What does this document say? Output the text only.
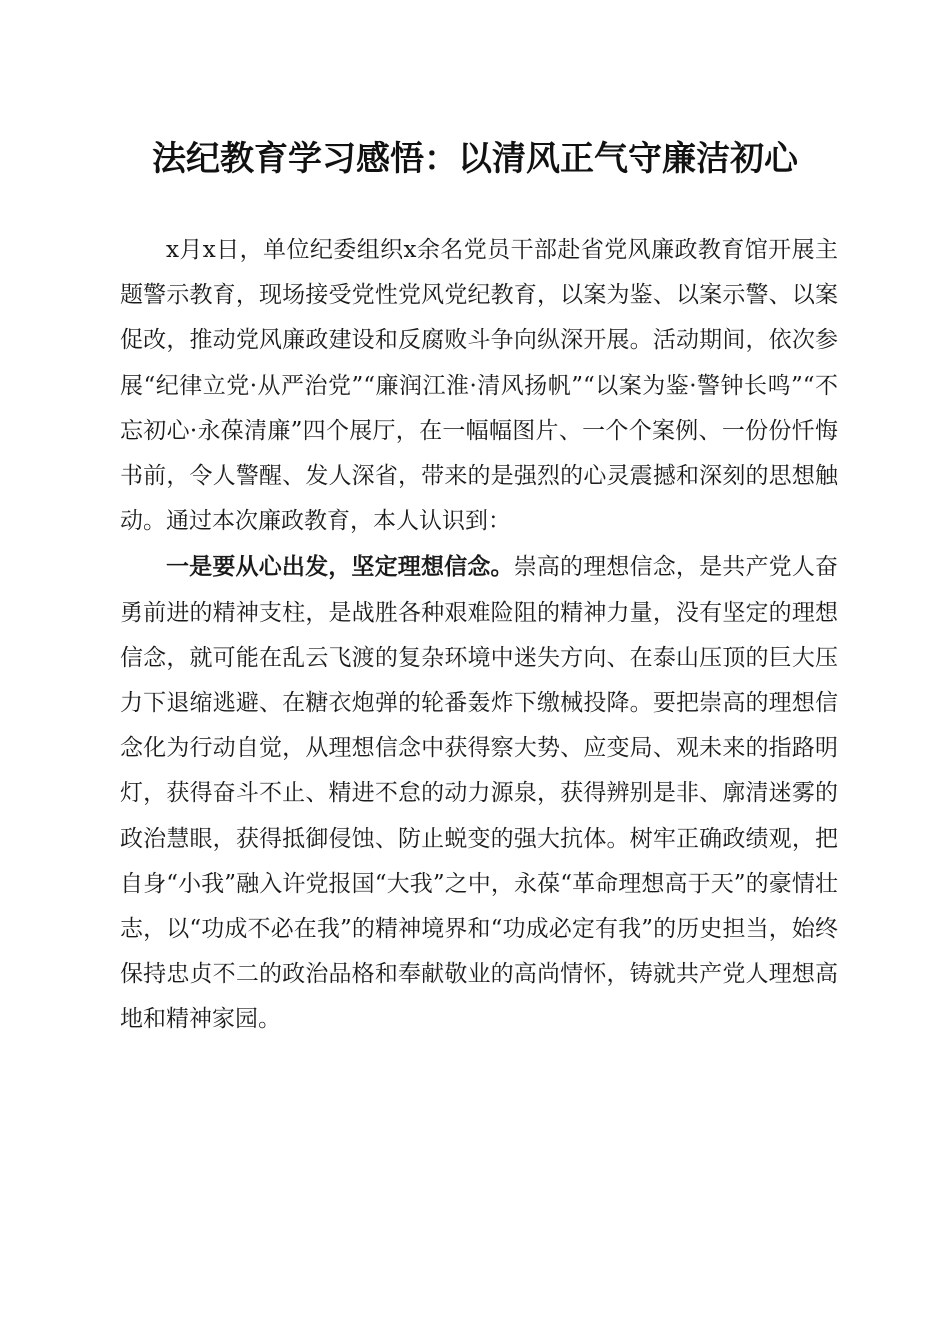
法纪教育学习感悟：以清风正气守廉洁初心

x月x日，单位纪委组织x余名党员干部赴省党风廉政教育馆开展主题警示教育，现场接受党性党风党纪教育，以案为鉴、以案示警、以案促改，推动党风廉政建设和反腐败斗争向纵深开展。活动期间，依次参展“纪律立党·从严治党”“廉润江淮·清风扬帆”“以案为鉴·警钟长鸣”“不忘初心·永葆清廉”四个展厅，在一幅幅图片、一个个案例、一份份忏悔书前，令人警醒、发人深省，带来的是强烈的心灵震撼和深刻的思想触动。通过本次廉政教育，本人认识到：

一是要从心出发，坚定理想信念。崇高的理想信念，是共产党人奋勇前进的精神支柱，是战胜各种艰难险阻的精神力量，没有坚定的理想信念，就可能在乱云飞渡的复杂环境中迷失方向、在泰山压顶的巨大压力下退缩逃避、在糖衣炮弹的轮番轰炸下缴械投降。要把崇高的理想信念化为行动自觉，从理想信念中获得察大势、应变局、观未来的指路明灯，获得奋斗不止、精进不怠的动力源泉，获得辨别是非、廓清迷雾的政治慧眼，获得抵御侵蚀、防止蜕变的强大抗体。树牢正确政绩观，把自身“小我”融入许党报国“大我”之中，永葆“革命理想高于天”的豪情壮志，以“功成不必在我”的精神境界和“功成必定有我”的历史担当，始终保持忠贞不二的政治品格和奉献敬业的高尚情怀，铸就共产党人理想高地和精神家园。
